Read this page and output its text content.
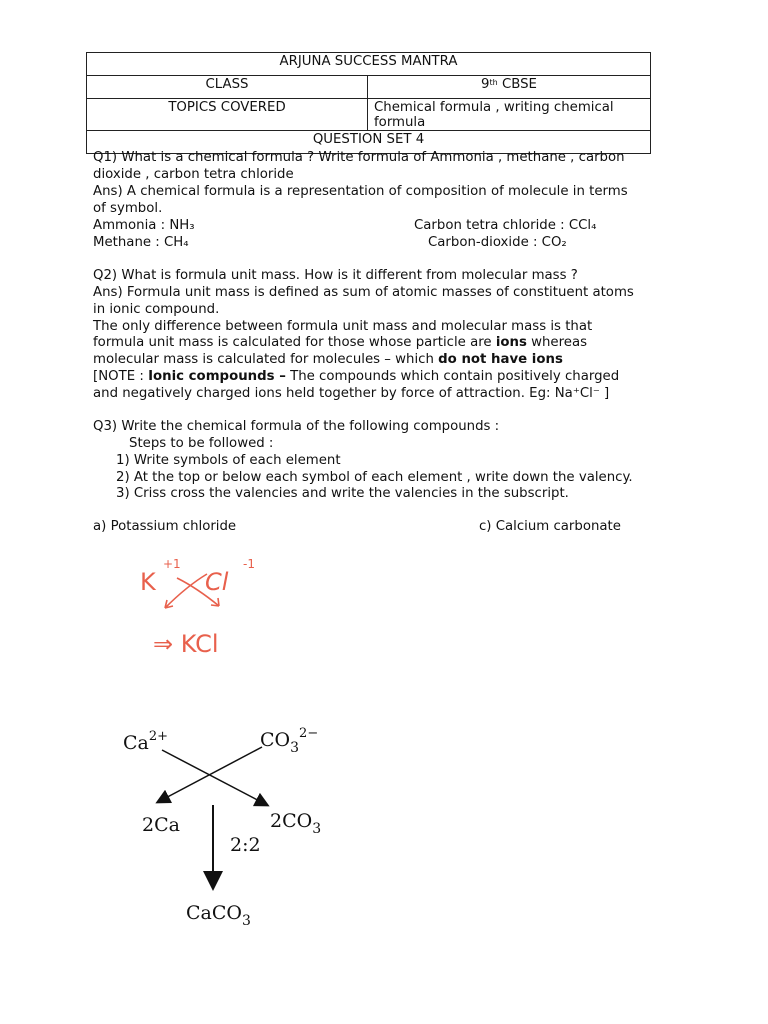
ARJUNA SUCCESS MANTRA	
CLASS	9th CBSE
TOPICS COVERED	Chemical formula , writing chemical formula
QUESTION SET 4	
Q1) What is a chemical formula ? Write formula of Ammonia , methane , carbon
dioxide , carbon tetra chloride
Ans) A chemical formula is a representation of composition of molecule in terms
of symbol.
Ammonia : NH₃	Carbon tetra chloride : CCl₄
Methane : CH₄	Carbon-dioxide : CO₂
Q2) What is formula unit mass. How is it different from molecular mass ?
Ans) Formula unit mass is defined as sum of atomic masses of constituent atoms
in ionic compound.
The only difference between formula unit mass and molecular mass is that
formula unit mass is calculated for those whose particle are ions whereas
molecular mass is calculated for molecules – which do not have ions
[NOTE : Ionic compounds – The compounds which contain positively charged
and negatively charged ions held together by force of attraction. Eg: Na⁺Cl⁻ ]
Q3) Write the chemical formula of the following compounds :
Steps to be followed :
1) Write symbols of each element
2) At the top or below each symbol of each element , write down the valency.
3) Criss cross the valencies and write the valencies in the subscript.
a) Potassium chloride	c) Calcium carbonate
K
+1
Cl
-1
⇒ KCl
$Ca^{2+}$	$CO_3^{2-}$
2Ca	$2CO_3$
2:2
CaCO$_3$
